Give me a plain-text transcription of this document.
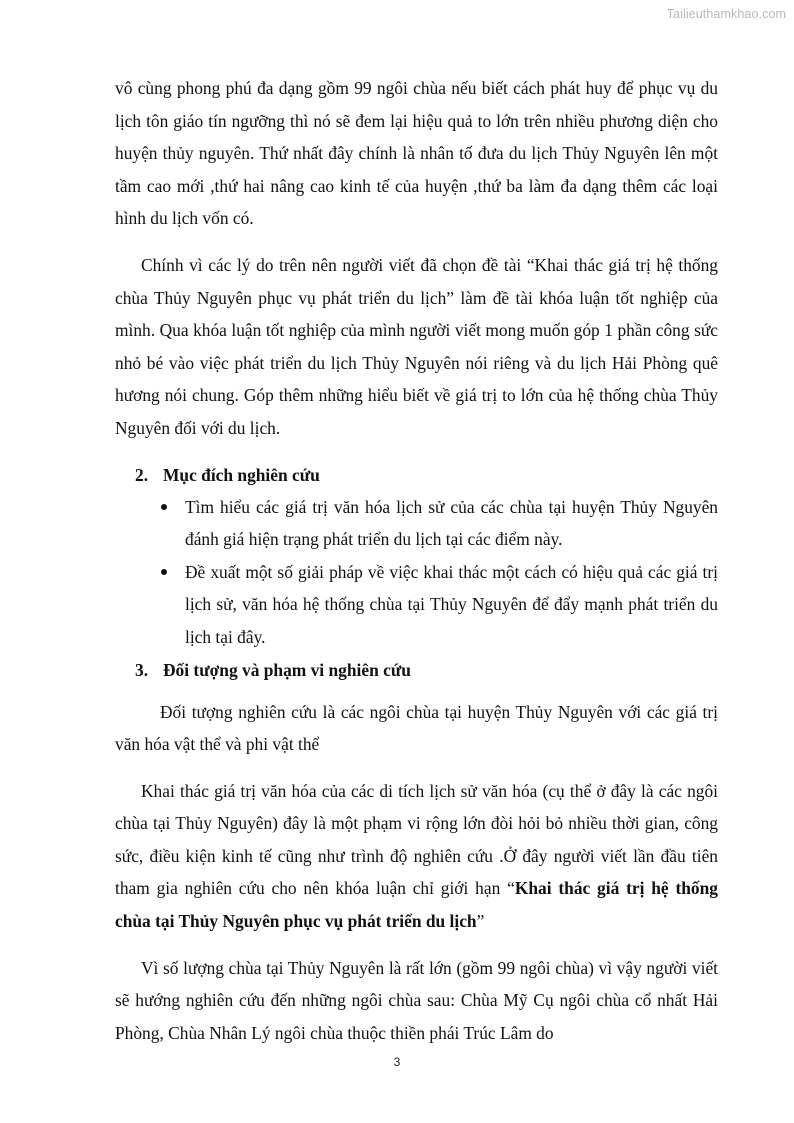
Tailieuthamkhao.com

vô cùng phong phú đa dạng gồm 99 ngôi chùa nếu biết cách phát huy để phục vụ du lịch tôn giáo tín ngưỡng thì nó sẽ đem lại hiệu quả to lớn trên nhiều phương diện cho huyện thủy nguyên. Thứ nhất đây chính là nhân tố đưa du lịch Thủy Nguyên lên một tầm cao mới ,thứ hai nâng cao kinh tế của huyện ,thứ ba làm đa dạng thêm các loại hình du lịch vốn có.

Chính vì các lý do trên nên người viết đã chọn đề tài “Khai thác giá trị hệ thống chùa Thủy Nguyên phục vụ phát triển du lịch” làm đề tài khóa luận tốt nghiệp của mình. Qua khóa luận tốt nghiệp của mình người viết mong muốn góp 1 phần công sức nhỏ bé vào việc phát triển du lịch Thủy Nguyên nói riêng và du lịch Hải Phòng quê hương nói chung. Góp thêm những hiểu biết về giá trị to lớn của hệ thống chùa Thủy Nguyên đối với du lịch.

2. Mục đích nghiên cứu

Tìm hiểu các giá trị văn hóa lịch sử của các chùa tại huyện Thủy Nguyên đánh giá hiện trạng phát triển du lịch tại các điểm này.
Đề xuất một số giải pháp về việc khai thác một cách có hiệu quả các giá trị lịch sử, văn hóa hệ thống chùa tại Thủy Nguyên để đẩy mạnh phát triển du lịch tại đây.

3. Đối tượng và phạm vi nghiên cứu

Đối tượng nghiên cứu là các ngôi chùa tại huyện Thủy Nguyên với các giá trị văn hóa vật thể và phi vật thể

Khai thác giá trị văn hóa của các di tích lịch sử văn hóa (cụ thể ở đây là các ngôi chùa tại Thủy Nguyên) đây là một phạm vi rộng lớn đòi hỏi bỏ nhiều thời gian, công sức, điều kiện kinh tế cũng như trình độ nghiên cứu .Ở đây người viết lần đầu tiên tham gia nghiên cứu cho nên khóa luận chỉ giới hạn “Khai thác giá trị hệ thống chùa tại Thủy Nguyên phục vụ phát triển du lịch”

Vì số lượng chùa tại Thủy Nguyên là rất lớn (gồm 99 ngôi chùa) vì vậy người viết sẽ hướng nghiên cứu đến những ngôi chùa sau: Chùa Mỹ Cụ ngôi chùa cổ nhất Hải Phòng, Chùa Nhân Lý ngôi chùa thuộc thiền phái Trúc Lâm do

3
